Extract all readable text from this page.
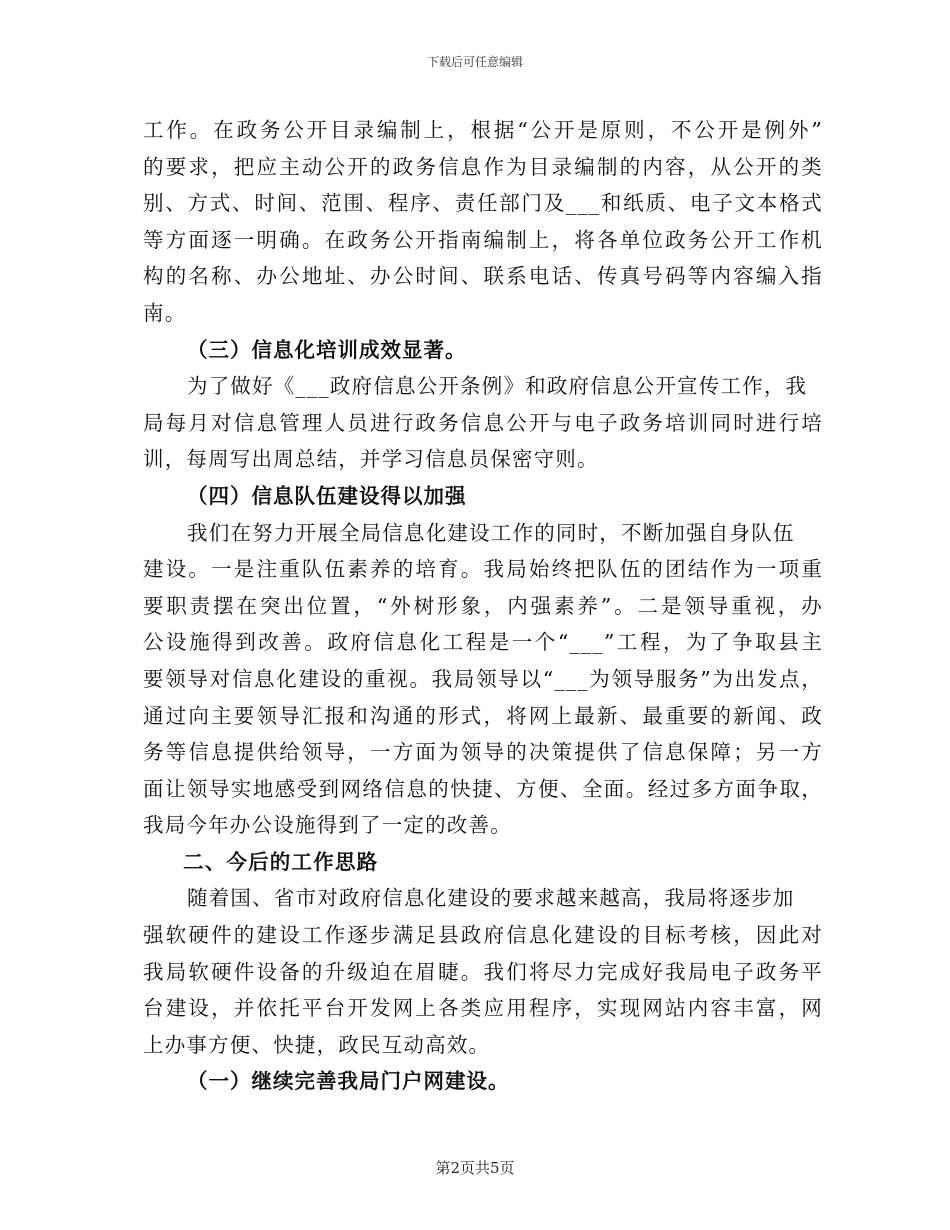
下载后可任意编辑
工作。在政务公开目录编制上，根据“公开是原则，不公开是例外”
的要求，把应主动公开的政务信息作为目录编制的内容，从公开的类
别、方式、时间、范围、程序、责任部门及___和纸质、电子文本格式
等方面逐一明确。在政务公开指南编制上，将各单位政务公开工作机
构的名称、办公地址、办公时间、联系电话、传真号码等内容编入指
南。
（三）信息化培训成效显著。
为了做好《___政府信息公开条例》和政府信息公开宣传工作，我
局每月对信息管理人员进行政务信息公开与电子政务培训同时进行培
训，每周写出周总结，并学习信息员保密守则。
（四）信息队伍建设得以加强
我们在努力开展全局信息化建设工作的同时，不断加强自身队伍
建设。一是注重队伍素养的培育。我局始终把队伍的团结作为一项重
要职责摆在突出位置，“外树形象，内强素养”。二是领导重视，办
公设施得到改善。政府信息化工程是一个“___”工程，为了争取县主
要领导对信息化建设的重视。我局领导以“___为领导服务”为出发点，
通过向主要领导汇报和沟通的形式，将网上最新、最重要的新闻、政
务等信息提供给领导，一方面为领导的决策提供了信息保障；另一方
面让领导实地感受到网络信息的快捷、方便、全面。经过多方面争取，
我局今年办公设施得到了一定的改善。
二、今后的工作思路
随着国、省市对政府信息化建设的要求越来越高，我局将逐步加
强软硬件的建设工作逐步满足县政府信息化建设的目标考核，因此对
我局软硬件设备的升级迫在眉睫。我们将尽力完成好我局电子政务平
台建设，并依托平台开发网上各类应用程序，实现网站内容丰富，网
上办事方便、快捷，政民互动高效。
（一）继续完善我局门户网建设。
第2页共5页
